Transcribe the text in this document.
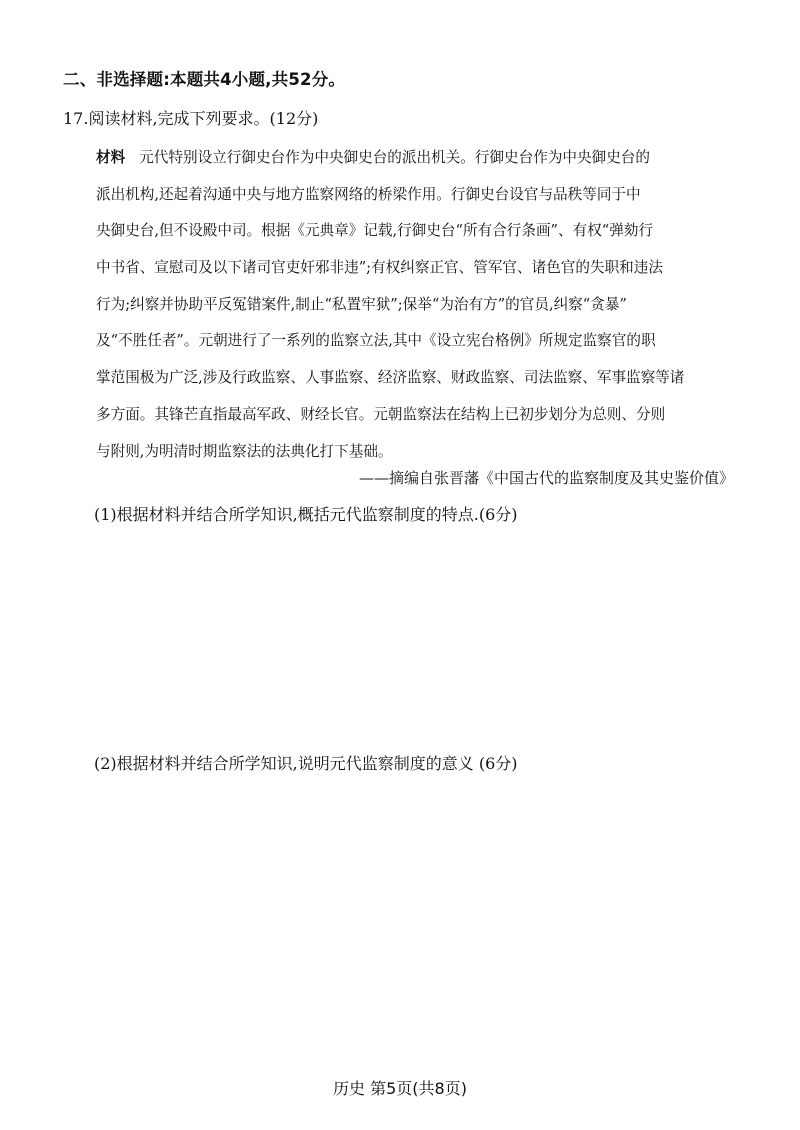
二、非选择题:本题共4小题,共52分。
17.阅读材料,完成下列要求。(12分)
材料 元代特别设立行御史台作为中央御史台的派出机关。行御史台作为中央御史台的
派出机构,还起着沟通中央与地方监察网络的桥梁作用。行御史台设官与品秩等同于中
央御史台,但不设殿中司。根据《元典章》记载,行御史台“所有合行条画”、有权“弹劾行
中书省、宣慰司及以下诸司官吏奸邪非违”;有权纠察正官、管军官、诸色官的失职和违法
行为;纠察并协助平反冤错案件,制止“私置牢狱”;保举“为治有方”的官员,纠察“贪暴”
及“不胜任者”。元朝进行了一系列的监察立法,其中《设立宪台格例》所规定监察官的职
掌范围极为广泛,涉及行政监察、人事监察、经济监察、财政监察、司法监察、军事监察等诸
多方面。其锋芒直指最高军政、财经长官。元朝监察法在结构上已初步划分为总则、分则
与附则,为明清时期监察法的法典化打下基础。
——摘编自张晋藩《中国古代的监察制度及其史鉴价值》
(1)根据材料并结合所学知识,概括元代监察制度的特点.(6分)
(2)根据材料并结合所学知识,说明元代监察制度的意义 (6分)
历史 第5页(共8页)
